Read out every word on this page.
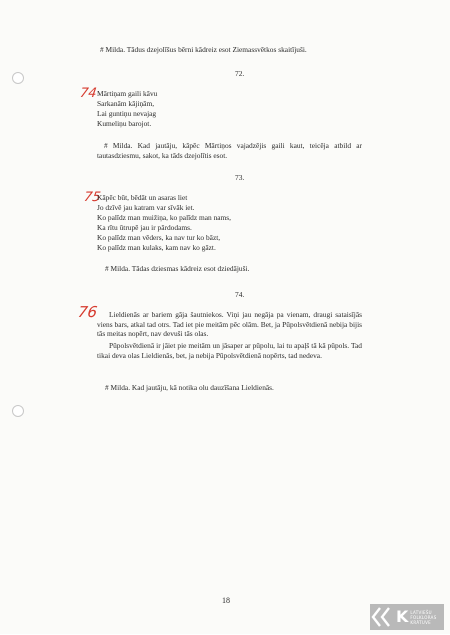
# Milda. Tādus dzejolīšus bērni kādreiz esot Ziemassvētkos skaitījuši.
72.
74 Mārtiņam gaili kāvu
Sarkanām kājiņām,
Lai guntiņu nevajag
Kumeliņu barojot.
# Milda. Kad jautāju, kāpēc Mārtiņos vajadzējis gaili kaut, teicēja atbild ar tautasdziesmu, sakot, ka tāds dzejolītis esot.
73.
75
Kāpēc būt, bēdāt un asaras liet
Jo dzīvē jau katram var sīvāk iet.
Ko palīdz man muižiņa, ko palīdz man nams,
Ka rītu ūtrupē jau ir pārdodams.
Ko palīdz man vēders, ka nav tur ko bāzt,
Ko palīdz man kulaks, kam nav ko gāzt.
# Milda. Tādas dziesmas kādreiz esot dziedājuši.
74.
76	Lieldienās ar bariem gāja šautniekos. Viņi jau negāja pa vienam, draugi sataisījās viens bars, atkal tad otrs. Tad iet pie meitām pēc olām. Bet, ja Pūpolsvētdienā nebija bijis tās meitas nopērt, nav devuši tās olas.
Pūpolsvētdienā ir jāiet pie meitām un jāsaper ar pūpolu, lai tu apaļš tā kā pūpols. Tad tikai deva olas Lieldienās, bet, ja nebija Pūpolsvētdienā nopērts, tad nedeva.
# Milda. Kad jautāju, kā notika olu dauzīšana Lieldienās.
18
K LATVIEŠU
FOLKLORAS
KRĀTUVE
